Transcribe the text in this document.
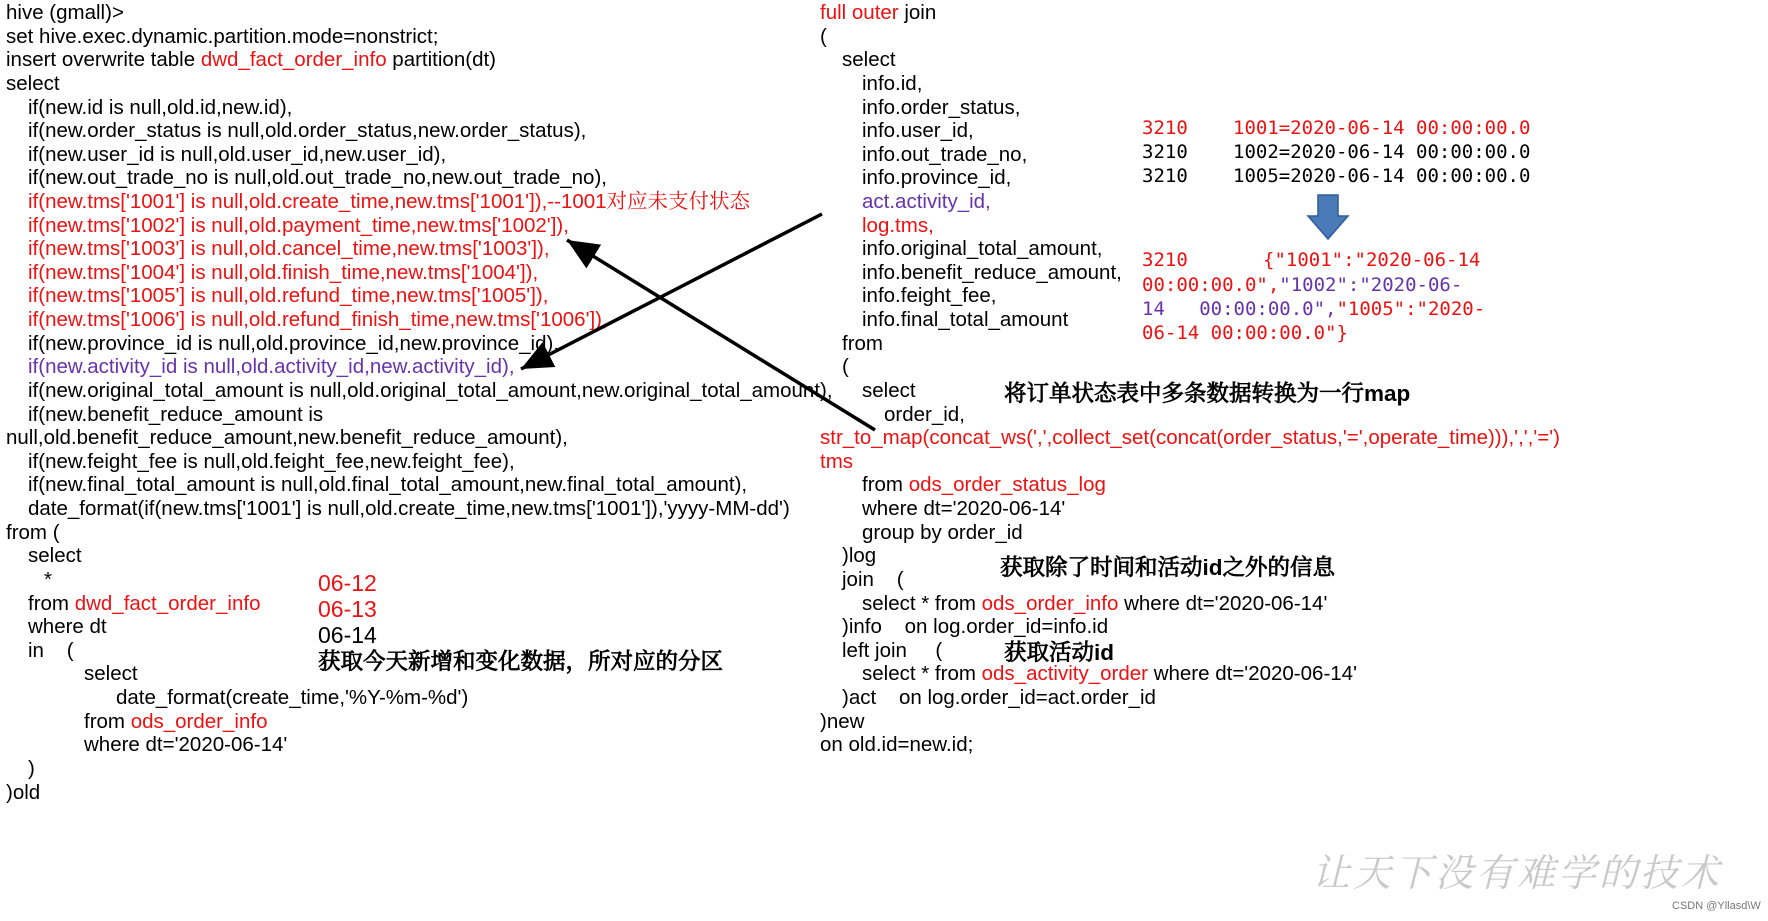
hive (gmall)>
set hive.exec.dynamic.partition.mode=nonstrict;
insert overwrite table dwd_fact_order_info partition(dt)
select
if(new.id is null,old.id,new.id),
if(new.order_status is null,old.order_status,new.order_status),
if(new.user_id is null,old.user_id,new.user_id),
if(new.out_trade_no is null,old.out_trade_no,new.out_trade_no),
if(new.tms['1001'] is null,old.create_time,new.tms['1001']),--1001对应未支付状态
if(new.tms['1002'] is null,old.payment_time,new.tms['1002']),
if(new.tms['1003'] is null,old.cancel_time,new.tms['1003']),
if(new.tms['1004'] is null,old.finish_time,new.tms['1004']),
if(new.tms['1005'] is null,old.refund_time,new.tms['1005']),
if(new.tms['1006'] is null,old.refund_finish_time,new.tms['1006']),
if(new.province_id is null,old.province_id,new.province_id),
if(new.activity_id is null,old.activity_id,new.activity_id),
if(new.original_total_amount is null,old.original_total_amount,new.original_total_amount),
if(new.benefit_reduce_amount is
null,old.benefit_reduce_amount,new.benefit_reduce_amount),
if(new.feight_fee is null,old.feight_fee,new.feight_fee),
if(new.final_total_amount is null,old.final_total_amount,new.final_total_amount),
date_format(if(new.tms['1001'] is null,old.create_time,new.tms['1001']),'yyyy-MM-dd')
from (
select
*
from dwd_fact_order_info
where dt
in    (
select
date_format(create_time,'%Y-%m-%d')
from ods_order_info
where dt='2020-06-14'
)
)old
06-12
06-13
06-14
获取今天新增和变化数据，所对应的分区
full outer join
(
select
info.id,
info.order_status,
info.user_id,
info.out_trade_no,
info.province_id,
act.activity_id,
log.tms,
info.original_total_amount,
info.benefit_reduce_amount,
info.feight_fee,
info.final_total_amount
from
(
select
order_id,
str_to_map(concat_ws(',',collect_set(concat(order_status,'=',operate_time))),',','=')
tms
from ods_order_status_log
where dt='2020-06-14'
group by order_id
)log
join    (
select * from ods_order_info where dt='2020-06-14'
)info    on log.order_id=info.id
left join     (
select * from ods_activity_order where dt='2020-06-14'
)act    on log.order_id=act.order_id
)new
on old.id=new.id;
3210 1001=2020-06-14 00:00:00.0
3210 1002=2020-06-14 00:00:00.0
3210 1005=2020-06-14 00:00:00.0
3210	{"1001":"2020-06-14
00:00:00.0","1002":"2020-06-
14   00:00:00.0","1005":"2020-
06-14 00:00:00.0"}
将订单状态表中多条数据转换为一行map
获取除了时间和活动id之外的信息
获取活动id
让天下没有难学的技术
CSDN @Yllasd\W
